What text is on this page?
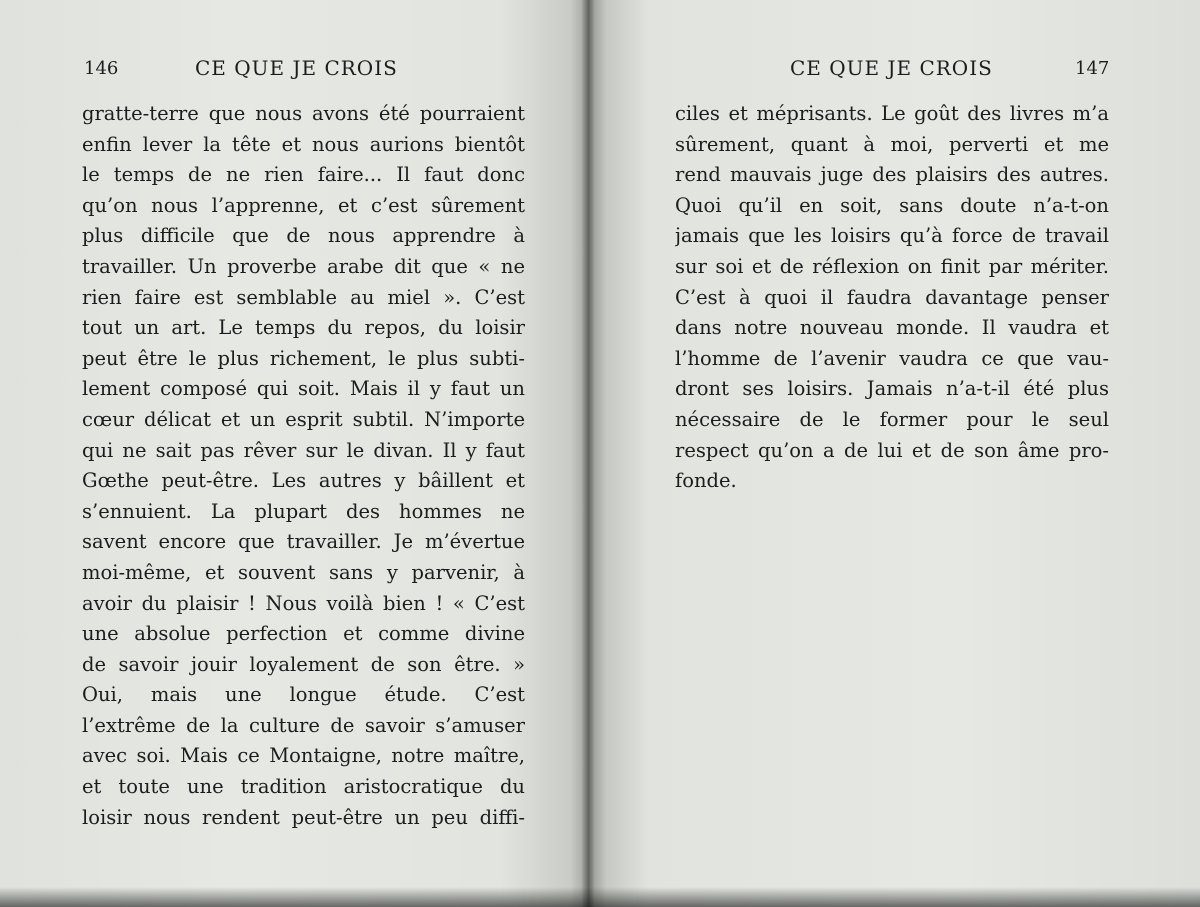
146	CE QUE JE CROIS
gratte-terre que nous avons été pourraient
enfin lever la tête et nous aurions bientôt
le temps de ne rien faire... Il faut donc
qu’on nous l’apprenne, et c’est sûrement
plus difficile que de nous apprendre à
travailler. Un proverbe arabe dit que « ne
rien faire est semblable au miel ». C’est
tout un art. Le temps du repos, du loisir
peut être le plus richement, le plus subti-
lement composé qui soit. Mais il y faut un
cœur délicat et un esprit subtil. N’importe
qui ne sait pas rêver sur le divan. Il y faut
Gœthe peut-être. Les autres y bâillent et
s’ennuient. La plupart des hommes ne
savent encore que travailler. Je m’évertue
moi-même, et souvent sans y parvenir, à
avoir du plaisir ! Nous voilà bien ! « C’est
une absolue perfection et comme divine
de savoir jouir loyalement de son être. »
Oui, mais une longue étude. C’est
l’extrême de la culture de savoir s’amuser
avec soi. Mais ce Montaigne, notre maître,
et toute une tradition aristocratique du
loisir nous rendent peut-être un peu diffi-
CE QUE JE CROIS	147
ciles et méprisants. Le goût des livres m’a
sûrement, quant à moi, perverti et me
rend mauvais juge des plaisirs des autres.
Quoi qu’il en soit, sans doute n’a-t-on
jamais que les loisirs qu’à force de travail
sur soi et de réflexion on finit par mériter.
C’est à quoi il faudra davantage penser
dans notre nouveau monde. Il vaudra et
l’homme de l’avenir vaudra ce que vau-
dront ses loisirs. Jamais n’a-t-il été plus
nécessaire de le former pour le seul
respect qu’on a de lui et de son âme pro-
fonde.
